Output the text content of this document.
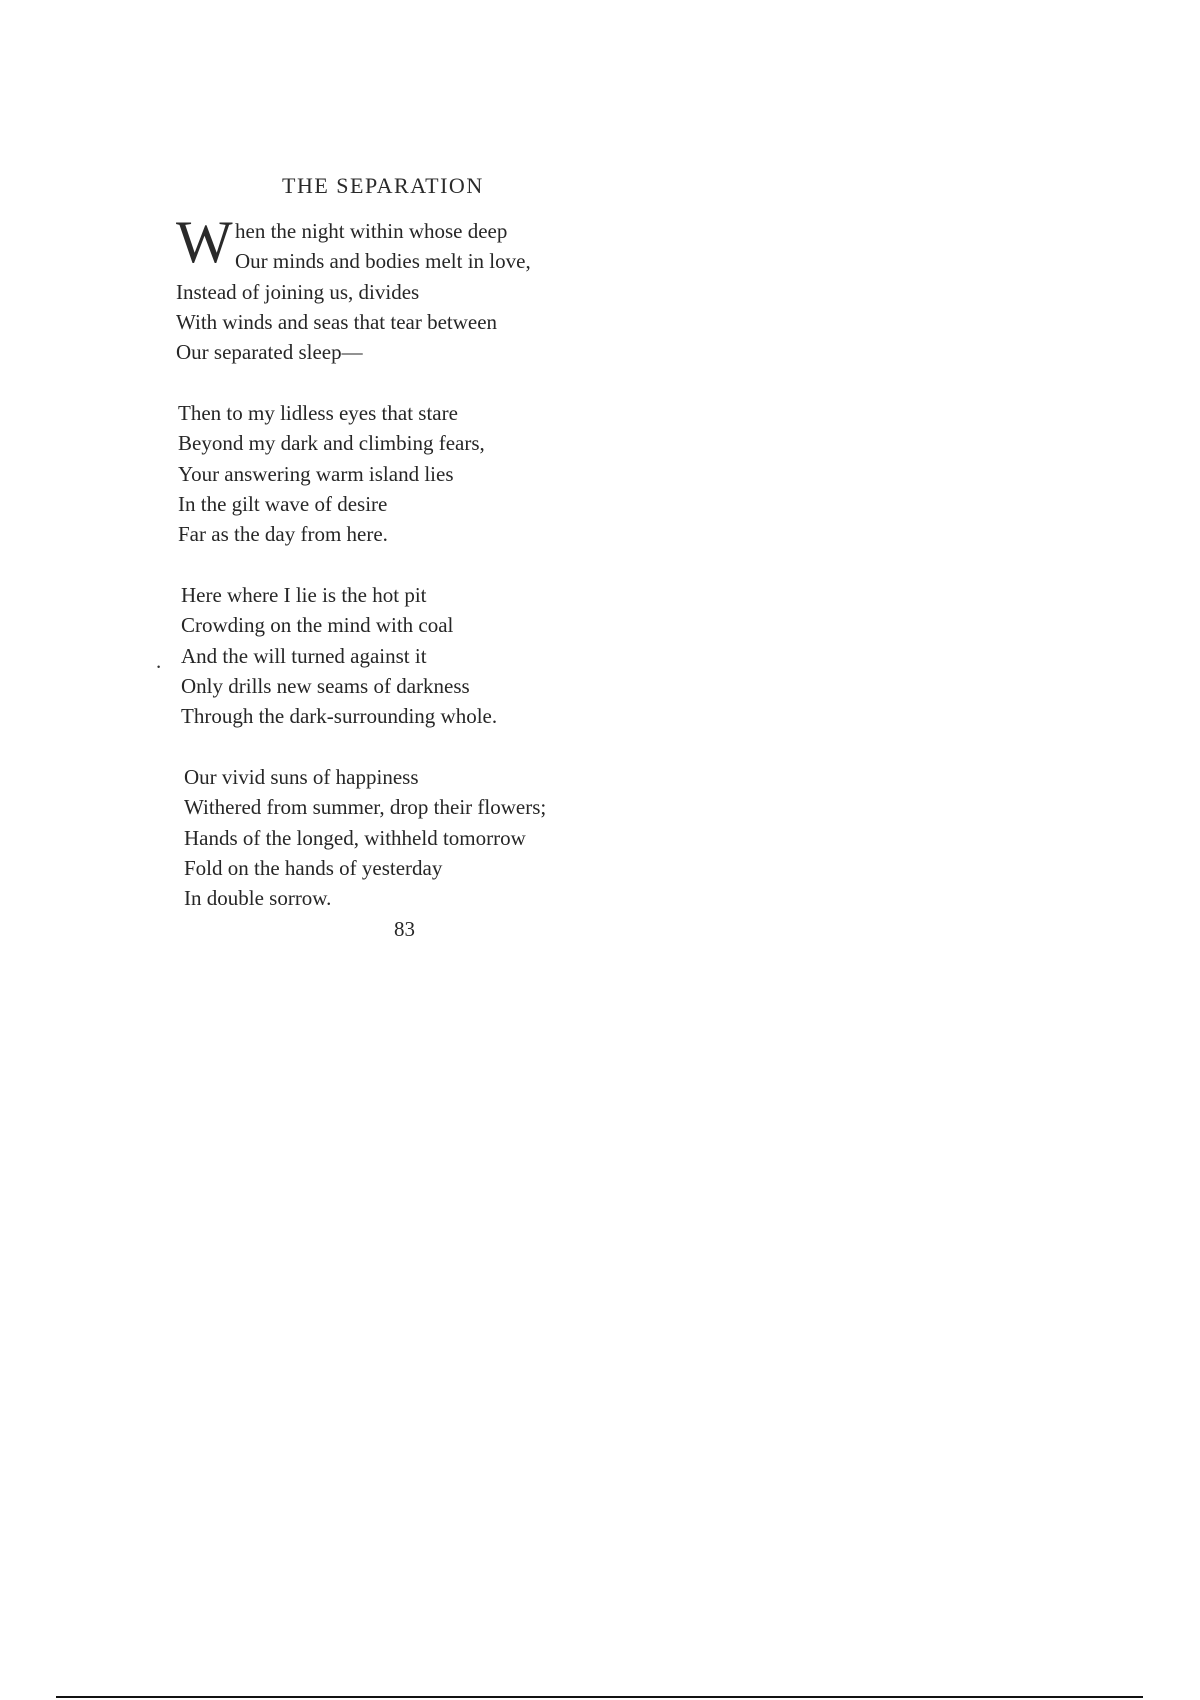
THE SEPARATION
W hen the night within whose deep
Our minds and bodies melt in love,
Instead of joining us, divides
With winds and seas that tear between
Our separated sleep—
Then to my lidless eyes that stare
Beyond my dark and climbing fears,
Your answering warm island lies
In the gilt wave of desire
Far as the day from here.
Here where I lie is the hot pit
Crowding on the mind with coal
And the will turned against it
Only drills new seams of darkness
Through the dark-surrounding whole.
.
Our vivid suns of happiness
Withered from summer, drop their flowers;
Hands of the longed, withheld tomorrow
Fold on the hands of yesterday
In double sorrow.
83
